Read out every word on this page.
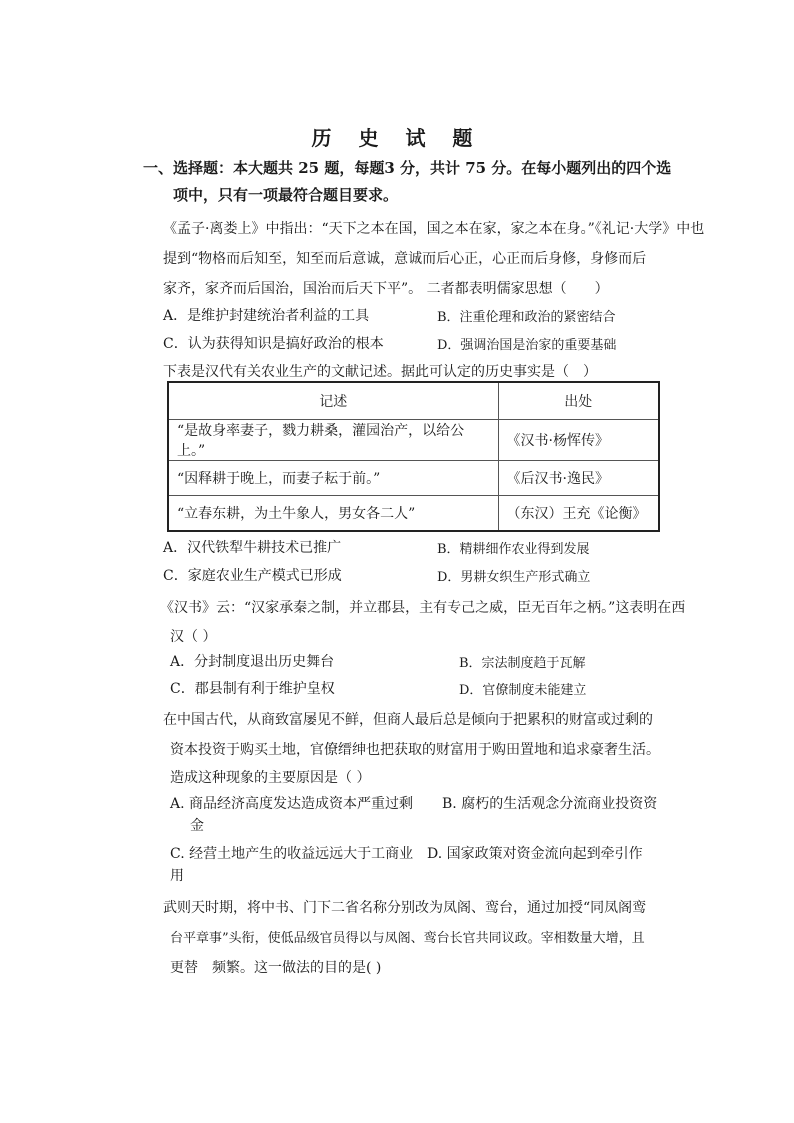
历 史 试 题
一、选择题：本大题共 25 题，每题3 分，共计 75 分。在每小题列出的四个选
项中，只有一项最符合题目要求。
《孟子·离娄上》中指出：“天下之本在国，国之本在家，家之本在身。”《礼记·大学》中也
提到“物格而后知至，知至而后意诚，意诚而后心正，心正而后身修，身修而后
家齐，家齐而后国治，国治而后天下平”。 二者都表明儒家思想（　　）
A．是维护封建统治者利益的工具	B．注重伦理和政治的紧密结合
C．认为获得知识是搞好政治的根本	D．强调治国是治家的重要基础
下表是汉代有关农业生产的文献记述。据此可认定的历史事实是（　）
记述	出处
“是故身率妻子，戮力耕桑，灌园治产，以给公上。”	《汉书·杨恽传》
“因释耕于晚上，而妻子耘于前。”	《后汉书·逸民》
“立春东耕，为土牛象人，男女各二人”	（东汉）王充《论衡》
A．汉代铁犁牛耕技术已推广	B．精耕细作农业得到发展
C．家庭农业生产模式已形成	D．男耕女织生产形式确立
《汉书》云：“汉家承秦之制，并立郡县，主有专己之威，臣无百年之柄。”这表明在西
汉（ ）
A．分封制度退出历史舞台	B．宗法制度趋于瓦解
C．郡县制有利于维护皇权	D．官僚制度未能建立
在中国古代，从商致富屡见不鲜，但商人最后总是倾向于把累积的财富或过剩的
资本投资于购买土地，官僚缙绅也把获取的财富用于购田置地和追求豪奢生活。
造成这种现象的主要原因是（ ）
A. 商品经济高度发达造成资本严重过剩 B. 腐朽的生活观念分流商业投资资
金
C. 经营土地产生的收益远远大于工商业 D. 国家政策对资金流向起到牵引作
用
武则天时期，将中书、门下二省名称分别改为凤阁、鸾台，通过加授“同凤阁鸾
台平章事”头衔，使低品级官员得以与凤阁、鸾台长官共同议政。宰相数量大增，且
更替　频繁。这一做法的目的是( )
